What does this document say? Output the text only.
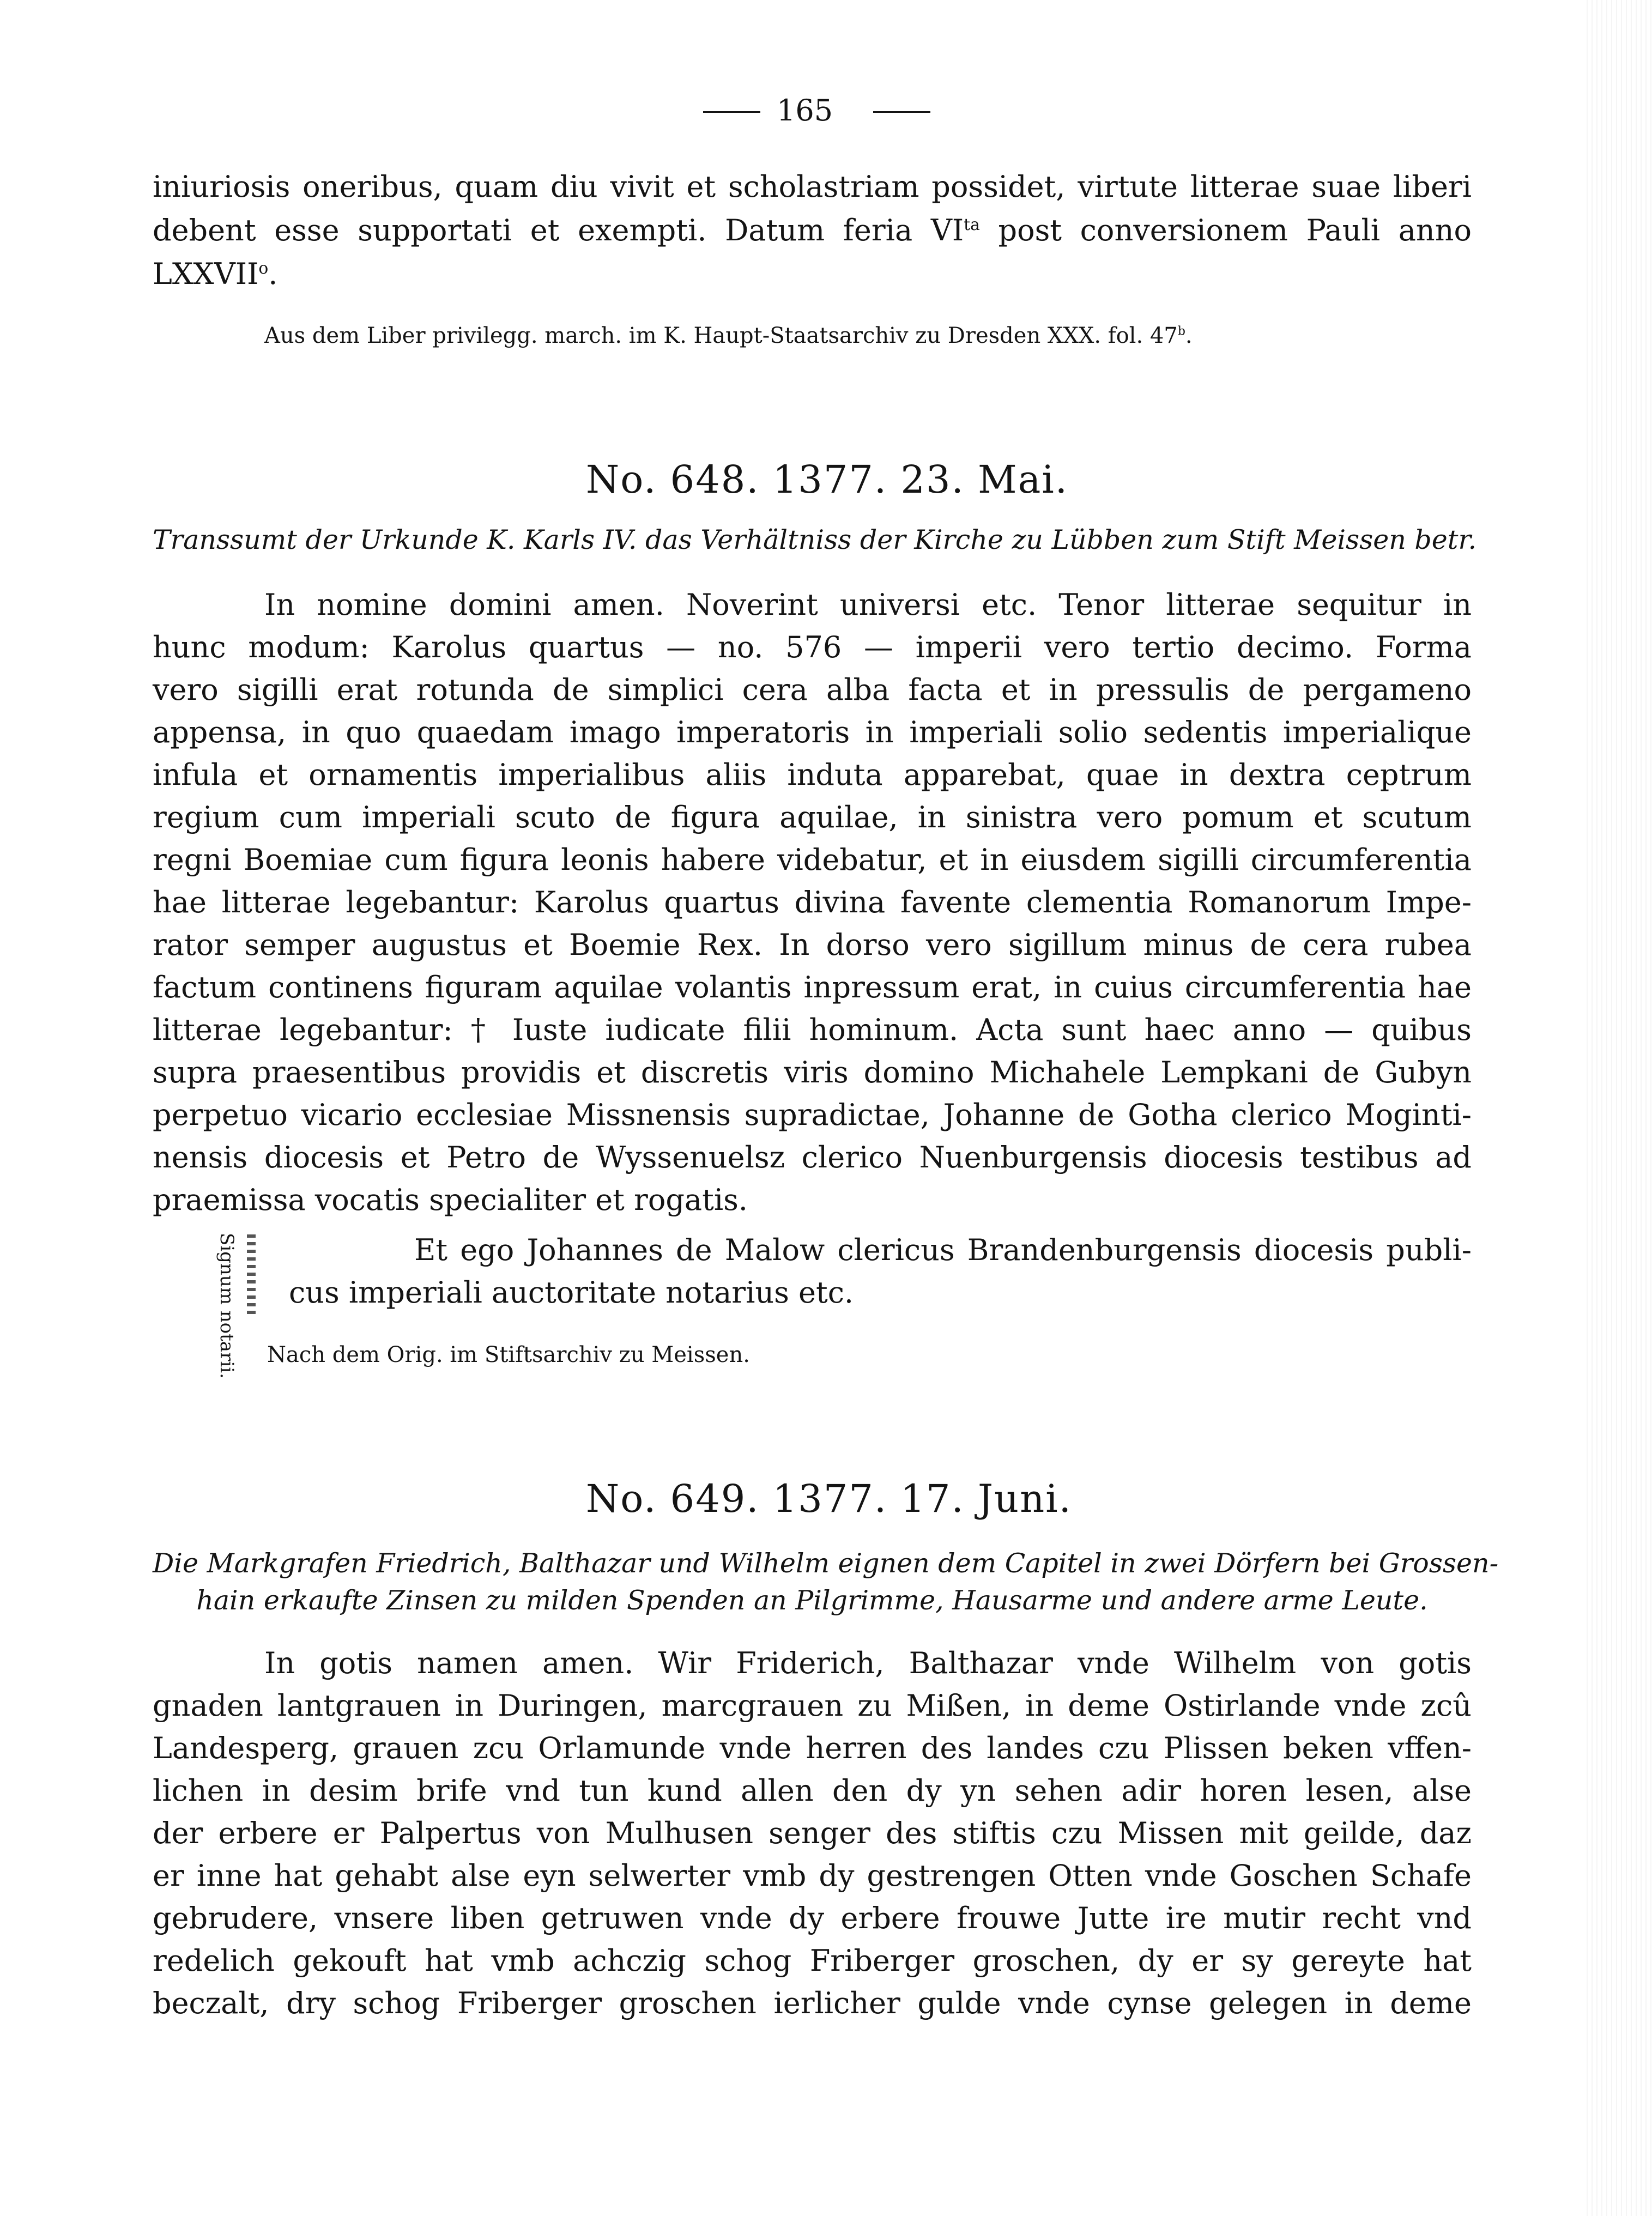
165
iniuriosis oneribus, quam diu vivit et scholastriam possidet, virtute litterae suae liberi
debent esse supportati et exempti. Datum feria $VI^{ta}$ post conversionem Pauli anno
LXXVII$^o$.
Aus dem Liber privilegg. march. im K. Haupt-Staatsarchiv zu Dresden XXX. fol. 47$^b$.
No. 648. 1377. 23. Mai.
Transsumt der Urkunde K. Karls IV. das Verhältniss der Kirche zu Lübben zum Stift Meissen betr.
In nomine domini amen. Noverint universi etc. Tenor litterae sequitur in
hunc modum: Karolus quartus — no. 576 — imperii vero tertio decimo. Forma
vero sigilli erat rotunda de simplici cera alba facta et in pressulis de pergameno
appensa, in quo quaedam imago imperatoris in imperiali solio sedentis imperialique
infula et ornamentis imperialibus aliis induta apparebat, quae in dextra ceptrum
regium cum imperiali scuto de figura aquilae, in sinistra vero pomum et scutum
regni Boemiae cum figura leonis habere videbatur, et in eiusdem sigilli circumferentia
hae litterae legebantur: Karolus quartus divina favente clementia Romanorum Impe-
rator semper augustus et Boemie Rex. In dorso vero sigillum minus de cera rubea
factum continens figuram aquilae volantis inpressum erat, in cuius circumferentia hae
litterae legebantur: † Iuste iudicate filii hominum. Acta sunt haec anno — quibus
supra praesentibus providis et discretis viris domino Michahele Lempkani de Gubyn
perpetuo vicario ecclesiae Missnensis supradictae, Johanne de Gotha clerico Moginti-
nensis diocesis et Petro de Wyssenuelsz clerico Nuenburgensis diocesis testibus ad
praemissa vocatis specialiter et rogatis.
Signum notarii.	Et ego Johannes de Malow clericus Brandenburgensis diocesis publi-
cus imperiali auctoritate notarius etc.
Nach dem Orig. im Stiftsarchiv zu Meissen.
No. 649. 1377. 17. Juni.
Die Markgrafen Friedrich, Balthazar und Wilhelm eignen dem Capitel in zwei Dörfern bei Grossen-
hain erkaufte Zinsen zu milden Spenden an Pilgrimme, Hausarme und andere arme Leute.
In gotis namen amen. Wir Friderich, Balthazar vnde Wilhelm von gotis
gnaden lantgrauen in Duringen, marcgrauen zu Mißen, in deme Ostirlande vnde zcû
Landesperg, grauen zcu Orlamunde vnde herren des landes czu Plissen beken vffen-
lichen in desim brife vnd tun kund allen den dy yn sehen adir horen lesen, alse
der erbere er Palpertus von Mulhusen senger des stiftis czu Missen mit geilde, daz
er inne hat gehabt alse eyn selwerter vmb dy gestrengen Otten vnde Goschen Schafe
gebrudere, vnsere liben getruwen vnde dy erbere frouwe Jutte ire mutir recht vnd
redelich gekouft hat vmb achczig schog Friberger groschen, dy er sy gereyte hat
beczalt, dry schog Friberger groschen ierlicher gulde vnde cynse gelegen in deme
